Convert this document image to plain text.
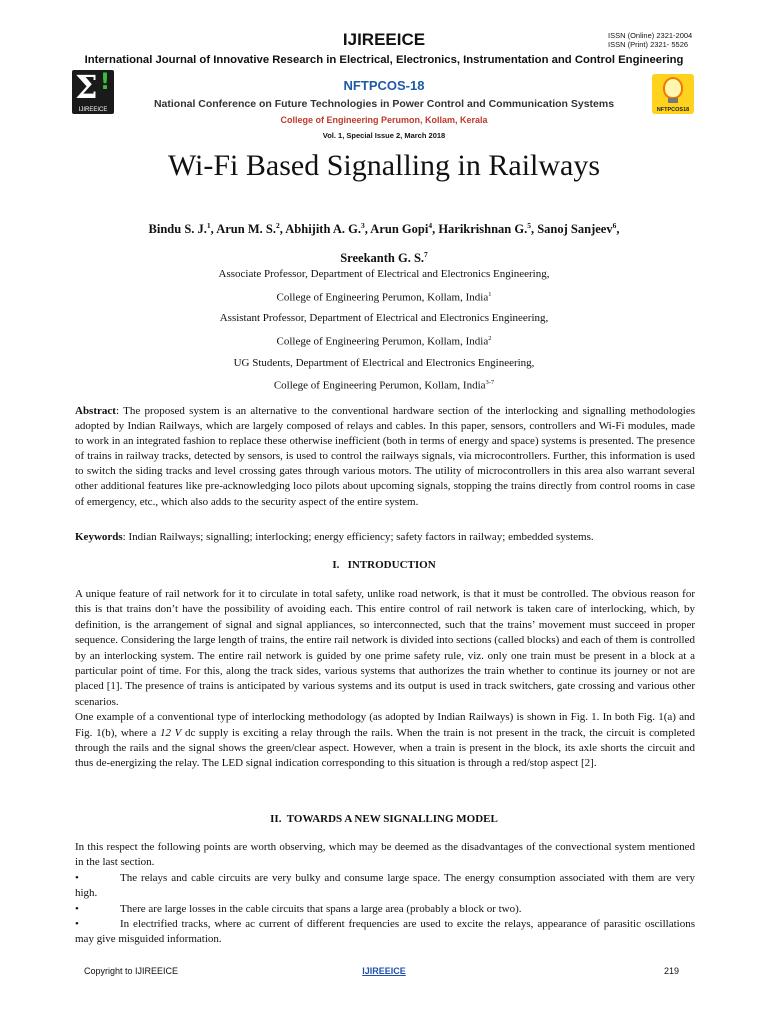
IJIREEICE	ISSN (Online) 2321-2004
ISSN (Print) 2321- 5526
International Journal of Innovative Research in Electrical, Electronics, Instrumentation and Control Engineering
Σ !
IJIREEICE
NFTPCOS-18
NFTPCOS18
National Conference on Future Technologies in Power Control and Communication Systems
College of Engineering Perumon, Kollam, Kerala
Vol. 1, Special Issue 2, March 2018
Wi-Fi Based Signalling in Railways
Bindu S. J.$^1$, Arun M. S.$^2$, Abhijith A. G.$^3$, Arun Gopi$^4$, Harikrishnan G.$^5$, Sanoj Sanjeev$^6$,
Sreekanth G. S.$^7$
Associate Professor, Department of Electrical and Electronics Engineering,
College of Engineering Perumon, Kollam, India$^1$
Assistant Professor, Department of Electrical and Electronics Engineering,
College of Engineering Perumon, Kollam, India$^2$
UG Students, Department of Electrical and Electronics Engineering,
College of Engineering Perumon, Kollam, India$^{3-7}$
Abstract: The proposed system is an alternative to the conventional hardware section of the interlocking and signalling methodologies adopted by Indian Railways, which are largely composed of relays and cables. In this paper, sensors, controllers and Wi-Fi modules, made to work in an integrated fashion to replace these otherwise inefficient (both in terms of energy and space) systems is presented. The presence of trains in railway tracks, detected by sensors, is used to control the railways signals, via microcontrollers. Further, this information is used to switch the siding tracks and level crossing gates through various motors. The utility of microcontrollers in this area also warrant several other additional features like pre-acknowledging loco pilots about upcoming signals, stopping the trains directly from control rooms in case of emergency, etc., which also adds to the security aspect of the entire system.
Keywords: Indian Railways; signalling; interlocking; energy efficiency; safety factors in railway; embedded systems.
I.   INTRODUCTION

A unique feature of rail network for it to circulate in total safety, unlike road network, is that it must be controlled. The obvious reason for this is that trains don’t have the possibility of avoiding each. This entire control of rail network is taken care of interlocking, which, by definition, is the arrangement of signal and signal appliances, so interconnected, such that the trains’ movement must succeed in proper sequence. Considering the large length of trains, the entire rail network is divided into sections (called blocks) and each of them is controlled by an interlocking system. The entire rail network is guided by one prime safety rule, viz. only one train must be present in a block at a particular point of time. For this, along the track sides, various systems that authorizes the train whether to continue its journey or not are placed [1]. The presence of trains is anticipated by various systems and its output is used in track switchers, gate crossing and various other scenarios.

One example of a conventional type of interlocking methodology (as adopted by Indian Railways) is shown in Fig. 1. In both Fig. 1(a) and Fig. 1(b), where a 12 V dc supply is exciting a relay through the rails. When the train is not present in the track, the circuit is completed through the rails and the signal shows the green/clear aspect. However, when a train is present in the block, its axle shorts the circuit and thus de-energizing the relay. The LED signal indication corresponding to this situation is through a red/stop aspect [2].

II.  TOWARDS A NEW SIGNALLING MODEL

In this respect the following points are worth observing, which may be deemed as the disadvantages of the convectional system mentioned in the last section.

•	The relays and cable circuits are very bulky and consume large space. The energy consumption associated with them are very high.

•	There are large losses in the cable circuits that spans a large area (probably a block or two).

•	In electrified tracks, where ac current of different frequencies are used to excite the relays, appearance of parasitic oscillations may give misguided information.

Copyright to IJIREEICE	IJIREEICE	219
